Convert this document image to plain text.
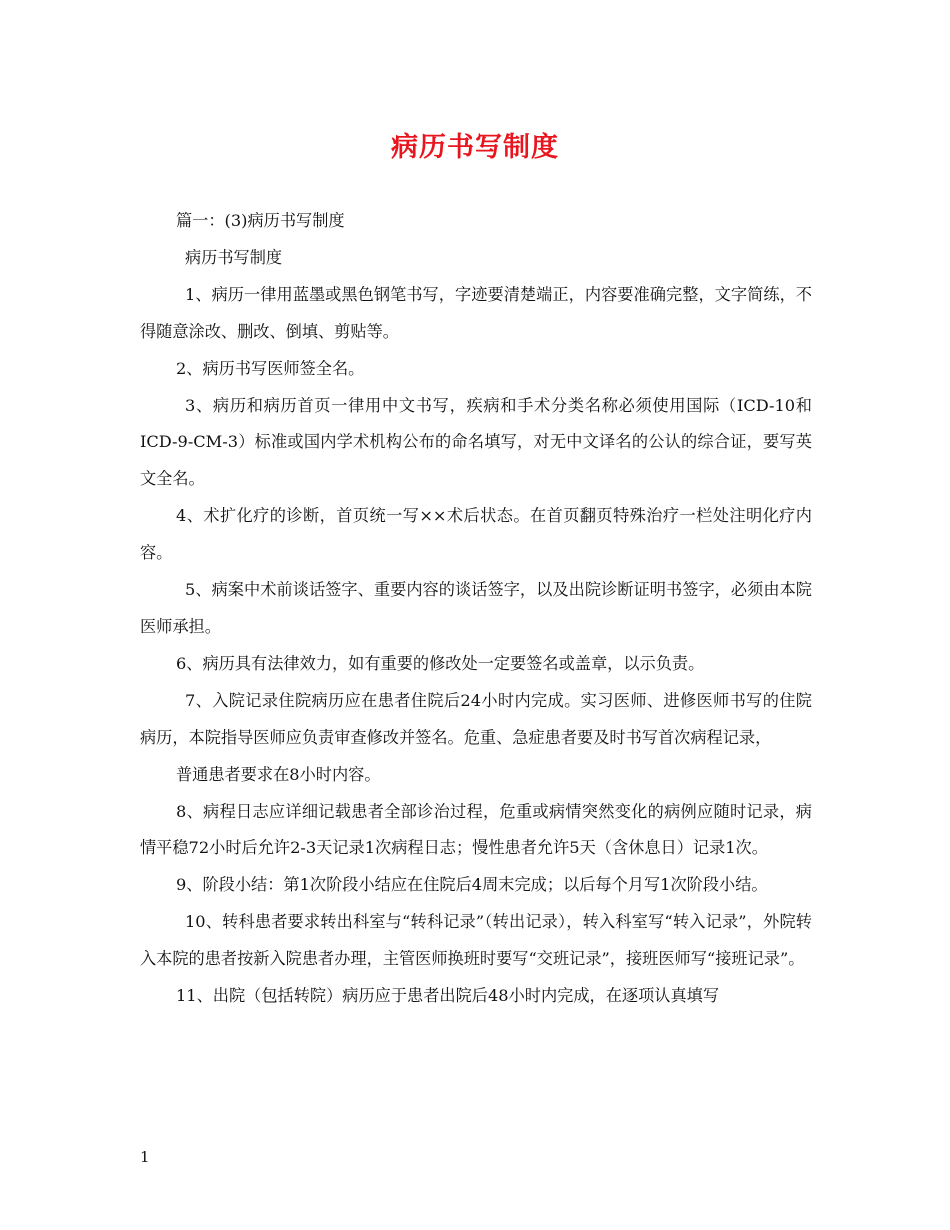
病历书写制度

篇一：(3)病历书写制度

病历书写制度

1、病历一律用蓝墨或黑色钢笔书写，字迹要清楚端正，内容要准确完整，文字简练，不得随意涂改、删改、倒填、剪贴等。

2、病历书写医师签全名。

3、病历和病历首页一律用中文书写，疾病和手术分类名称必须使用国际（ICD-10和ICD-9-CM-3）标准或国内学术机构公布的命名填写，对无中文译名的公认的综合证，要写英文全名。

4、术扩化疗的诊断，首页统一写××术后状态。在首页翻页特殊治疗一栏处注明化疗内容。

5、病案中术前谈话签字、重要内容的谈话签字，以及出院诊断证明书签字，必须由本院医师承担。

6、病历具有法律效力，如有重要的修改处一定要签名或盖章，以示负责。

7、入院记录住院病历应在患者住院后24小时内完成。实习医师、进修医师书写的住院病历，本院指导医师应负责审查修改并签名。危重、急症患者要及时书写首次病程记录，

普通患者要求在8小时内容。

8、病程日志应详细记载患者全部诊治过程，危重或病情突然变化的病例应随时记录，病情平稳72小时后允许2-3天记录1次病程日志；慢性患者允许5天（含休息日）记录1次。

9、阶段小结：第1次阶段小结应在住院后4周末完成；以后每个月写1次阶段小结。

10、转科患者要求转出科室与“转科记录”（转出记录），转入科室写“转入记录”，外院转入本院的患者按新入院患者办理，主管医师换班时要写“交班记录”，接班医师写“接班记录”。

11、出院（包括转院）病历应于患者出院后48小时内完成，在逐项认真填写

1
